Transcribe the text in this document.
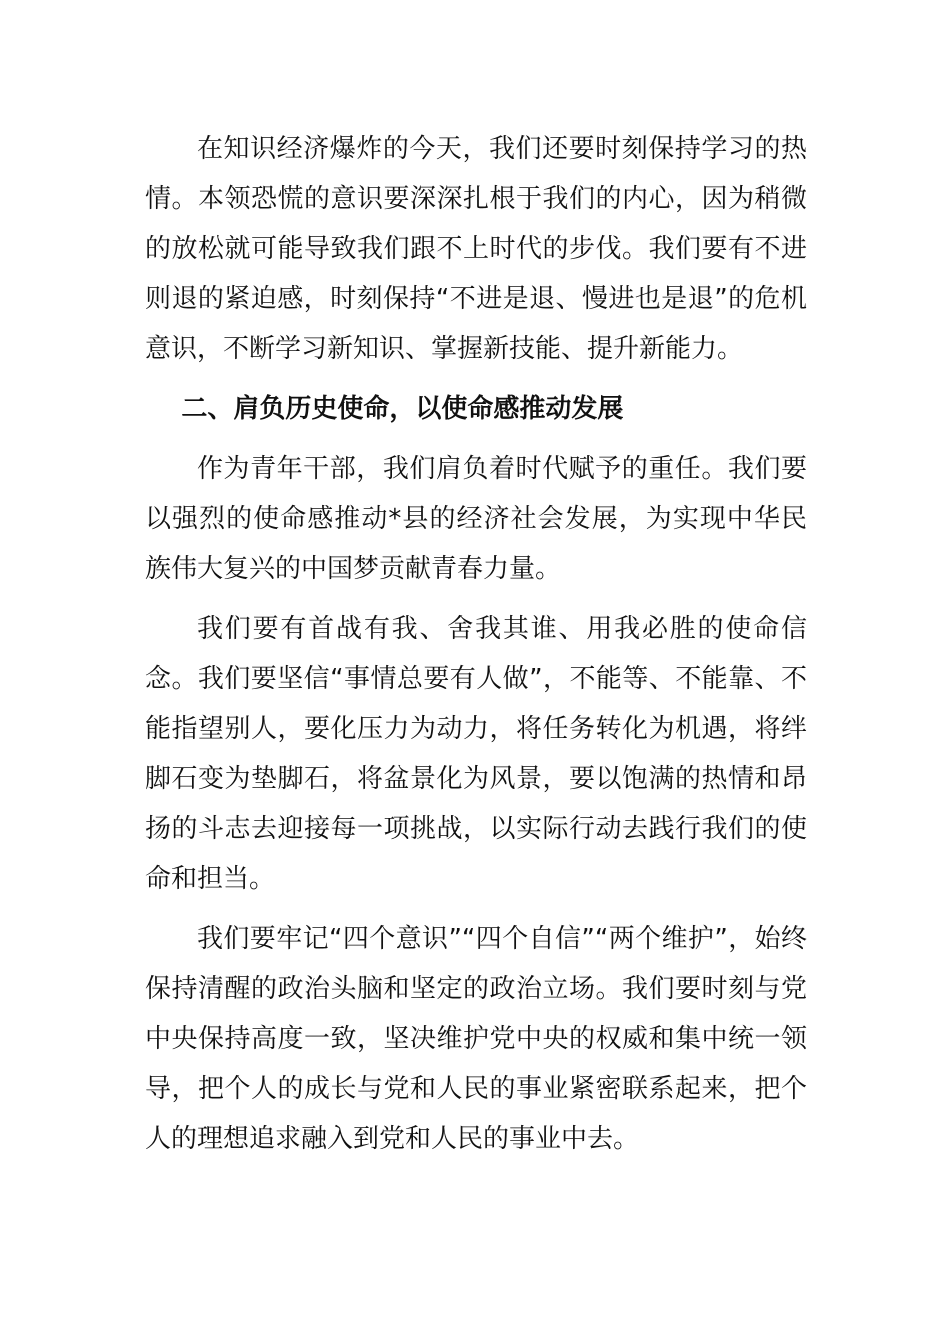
在知识经济爆炸的今天，我们还要时刻保持学习的热情。本领恐慌的意识要深深扎根于我们的内心，因为稍微的放松就可能导致我们跟不上时代的步伐。我们要有不进则退的紧迫感，时刻保持“不进是退、慢进也是退”的危机意识，不断学习新知识、掌握新技能、提升新能力。

二、肩负历史使命，以使命感推动发展

作为青年干部，我们肩负着时代赋予的重任。我们要以强烈的使命感推动*县的经济社会发展，为实现中华民族伟大复兴的中国梦贡献青春力量。

我们要有首战有我、舍我其谁、用我必胜的使命信念。我们要坚信“事情总要有人做”，不能等、不能靠、不能指望别人，要化压力为动力，将任务转化为机遇，将绊脚石变为垫脚石，将盆景化为风景，要以饱满的热情和昂扬的斗志去迎接每一项挑战，以实际行动去践行我们的使命和担当。

我们要牢记“四个意识”“四个自信”“两个维护”，始终保持清醒的政治头脑和坚定的政治立场。我们要时刻与党中央保持高度一致，坚决维护党中央的权威和集中统一领导，把个人的成长与党和人民的事业紧密联系起来，把个人的理想追求融入到党和人民的事业中去。
